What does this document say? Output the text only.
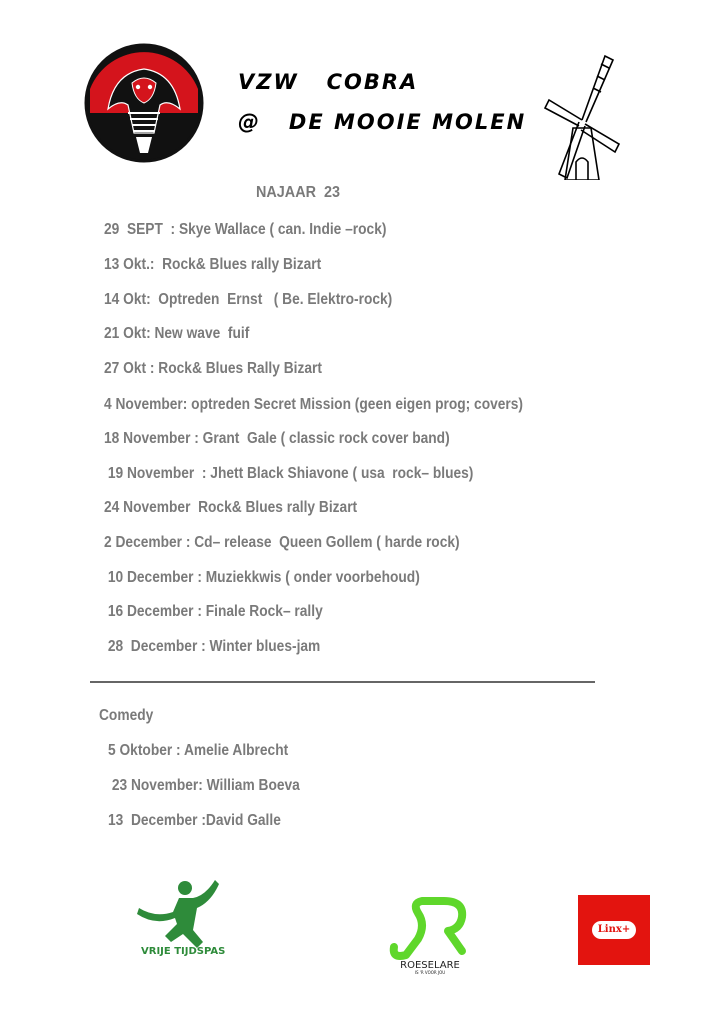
VZW   COBRA
@   DE MOOIE MOLEN
NAJAAR  23
29  SEPT  : Skye Wallace ( can. Indie –rock)
13 Okt.:  Rock& Blues rally Bizart
14 Okt:  Optreden  Ernst   ( Be. Elektro-rock)
21 Okt: New wave  fuif
27 Okt : Rock& Blues Rally Bizart
4 November: optreden Secret Mission (geen eigen prog; covers)
18 November : Grant  Gale ( classic rock cover band)
19 November  : Jhett Black Shiavone ( usa  rock– blues)
24 November  Rock& Blues rally Bizart
2 December : Cd– release  Queen Gollem ( harde rock)
10 December : Muziekkwis ( onder voorbehoud)
16 December : Finale Rock– rally
28  December : Winter blues-jam
Comedy
5 Oktober : Amelie Albrecht
23 November: William Boeva
13  December :David Galle
VRIJE TIJDSPAS
ROESELARE
IS 'R VOOR JOU
Linx+
